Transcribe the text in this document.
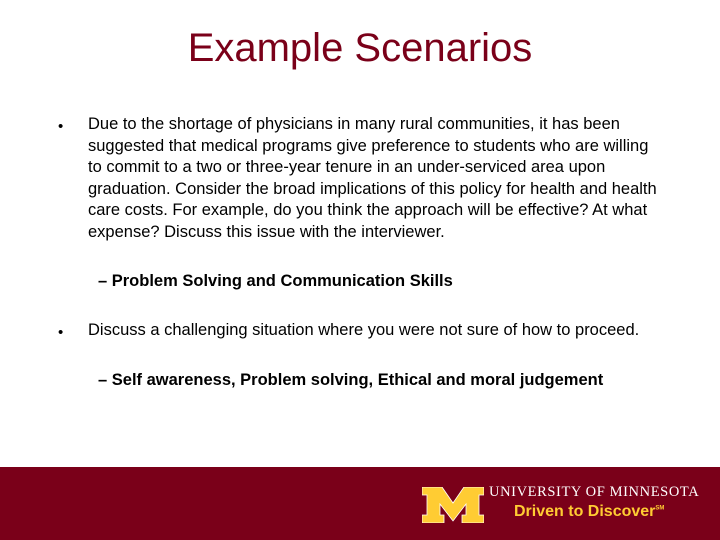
Example Scenarios
• Due to the shortage of physicians in many rural communities, it has been suggested that medical programs give preference to students who are willing to commit to a two or three-year tenure in an under-serviced area upon graduation. Consider the broad implications of this policy for health and health care costs. For example, do you think the approach will be effective? At what expense? Discuss this issue with the interviewer.
– Problem Solving and Communication Skills
• Discuss a challenging situation where you were not sure of how to proceed.
– Self awareness, Problem solving, Ethical and moral judgement
UNIVERSITY OF MINNESOTA
Driven to Discover℠
